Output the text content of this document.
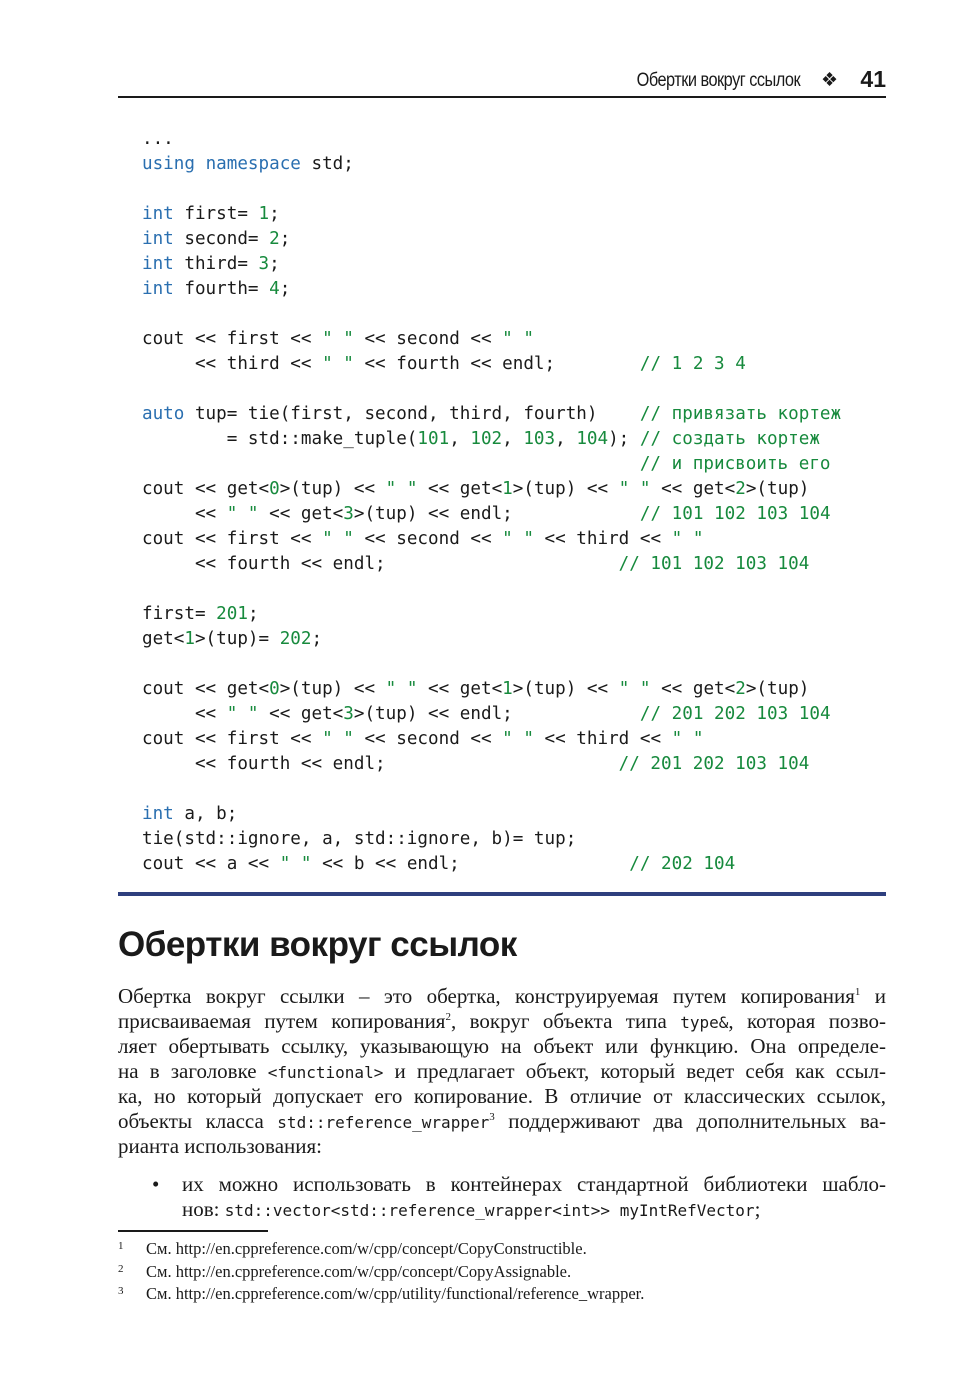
Обертки вокруг ссылок ❖ 41
...
using namespace std;
int first= 1;
int second= 2;
int third= 3;
int fourth= 4;
cout << first << " " << second << " "
<< third << " " << fourth << endl;        // 1 2 3 4
auto tup= tie(first, second, third, fourth)    // привязать кортеж
= std::make_tuple(101, 102, 103, 104); // создать кортеж
// и присвоить его
cout << get<0>(tup) << " " << get<1>(tup) << " " << get<2>(tup)
<< " " << get<3>(tup) << endl;            // 101 102 103 104
cout << first << " " << second << " " << third << " "
<< fourth << endl;                      // 101 102 103 104
first= 201;
get<1>(tup)= 202;
cout << get<0>(tup) << " " << get<1>(tup) << " " << get<2>(tup)
<< " " << get<3>(tup) << endl;            // 201 202 103 104
cout << first << " " << second << " " << third << " "
<< fourth << endl;                      // 201 202 103 104
int a, b;
tie(std::ignore, a, std::ignore, b)= tup;
cout << a << " " << b << endl;                // 202 104
Обертки вокруг ссылок
Обертка вокруг ссылки – это обертка, конструируемая путем копирования$^1$ и
присваиваемая путем копирования$^2$, вокруг объекта типа type&, которая позво-
ляет обертывать ссылку, указывающую на объект или функцию. Она определе-
на в заголовке <functional> и предлагает объект, который ведет себя как ссыл-
ка, но который допускает его копирование. В отличие от классических ссылок,
объекты класса std::reference_wrapper$^3$ поддерживают два дополнительных ва-
рианта использования:
• их можно использовать в контейнерах стандартной библиотеки шабло-
нов: std::vector<std::reference_wrapper<int>> myIntRefVector;
1 См. http://en.cppreference.com/w/cpp/concept/CopyConstructible.
2 См. http://en.cppreference.com/w/cpp/concept/CopyAssignable.
3 См. http://en.cppreference.com/w/cpp/utility/functional/reference_wrapper.
